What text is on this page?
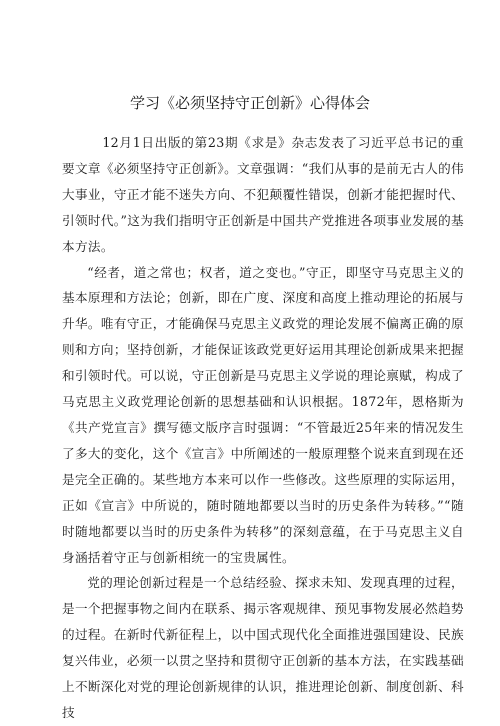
学习《必须坚持守正创新》心得体会

12月1日出版的第23期《求是》杂志发表了习近平总书记的重要文章《必须坚持守正创新》。文章强调：“我们从事的是前无古人的伟大事业，守正才能不迷失方向、不犯颠覆性错误，创新才能把握时代、引领时代。”这为我们指明守正创新是中国共产党推进各项事业发展的基本方法。

“经者，道之常也；权者，道之变也。”守正，即坚守马克思主义的基本原理和方法论；创新，即在广度、深度和高度上推动理论的拓展与升华。唯有守正，才能确保马克思主义政党的理论发展不偏离正确的原则和方向；坚持创新，才能保证该政党更好运用其理论创新成果来把握和引领时代。可以说，守正创新是马克思主义学说的理论禀赋，构成了马克思主义政党理论创新的思想基础和认识根据。1872年，恩格斯为《共产党宣言》撰写德文版序言时强调：“不管最近25年来的情况发生了多大的变化，这个《宣言》中所阐述的一般原理整个说来直到现在还是完全正确的。某些地方本来可以作一些修改。这些原理的实际运用，正如《宣言》中所说的，随时随地都要以当时的历史条件为转移。”“随时随地都要以当时的历史条件为转移”的深刻意蕴，在于马克思主义自身涵括着守正与创新相统一的宝贵属性。

党的理论创新过程是一个总结经验、探求未知、发现真理的过程，是一个把握事物之间内在联系、揭示客观规律、预见事物发展必然趋势的过程。在新时代新征程上，以中国式现代化全面推进强国建设、民族复兴伟业，必须一以贯之坚持和贯彻守正创新的基本方法，在实践基础上不断深化对党的理论创新规律的认识，推进理论创新、制度创新、科技
